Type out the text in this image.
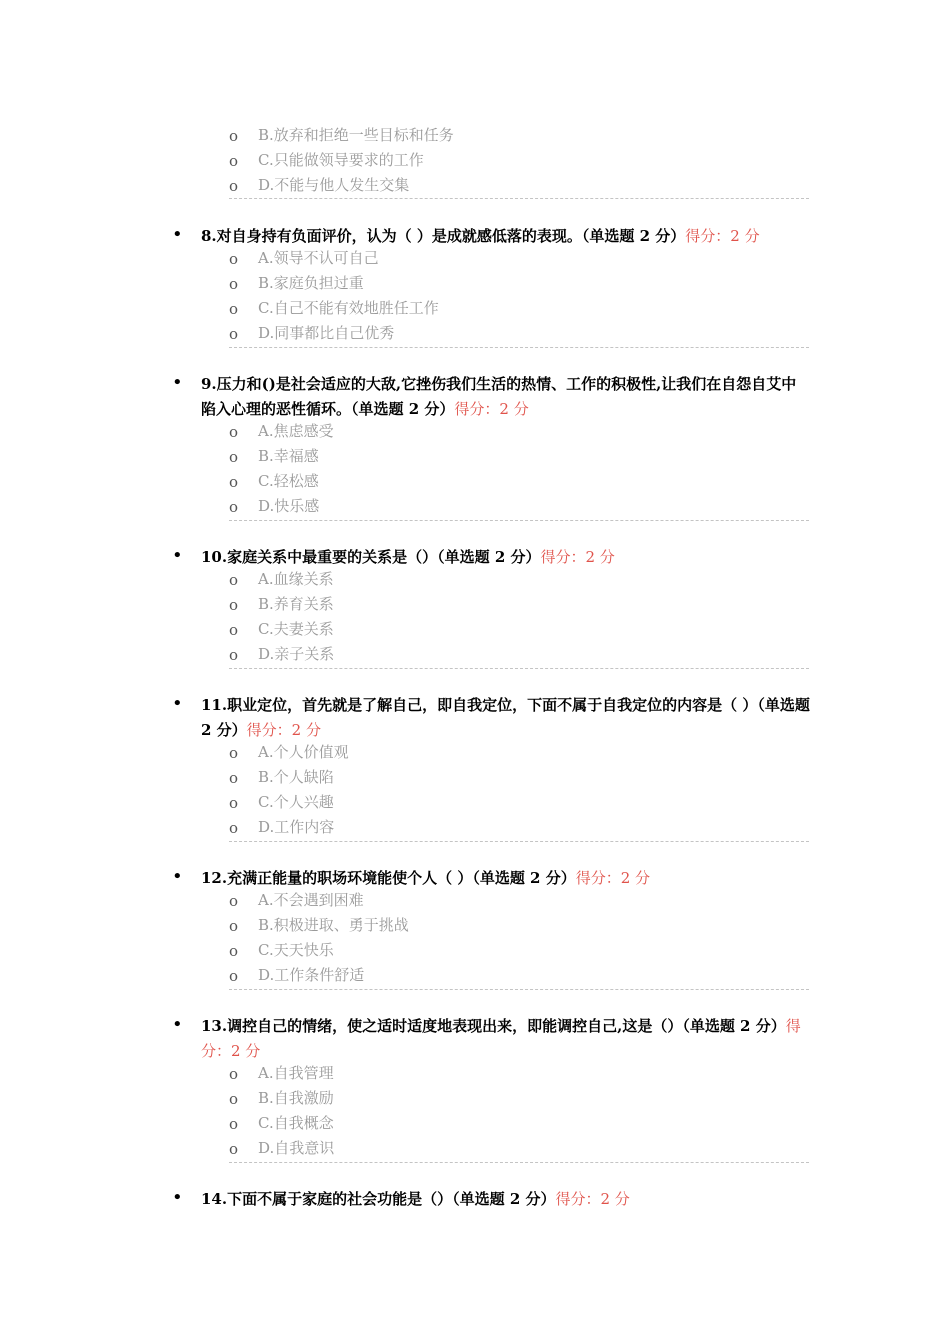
o	B.放弃和拒绝一些目标和任务
o	C.只能做领导要求的工作
o	D.不能与他人发生交集
• 8.对自身持有负面评价，认为（ ）是成就感低落的表现。（单选题 2 分）得分：2 分
o	A.领导不认可自己
o	B.家庭负担过重
o	C.自己不能有效地胜任工作
o	D.同事都比自己优秀
• 9.压力和()是社会适应的大敌,它挫伤我们生活的热情、工作的积极性,让我们在自怨自艾中陷入心理的恶性循环。（单选题 2 分）得分：2 分
o	A.焦虑感受
o	B.幸福感
o	C.轻松感
o	D.快乐感
• 10.家庭关系中最重要的关系是（）（单选题 2 分）得分：2 分
o	A.血缘关系
o	B.养育关系
o	C.夫妻关系
o	D.亲子关系
• 11.职业定位，首先就是了解自己，即自我定位，下面不属于自我定位的内容是（ ）（单选题 2 分）得分：2 分
o	A.个人价值观
o	B.个人缺陷
o	C.个人兴趣
o	D.工作内容
• 12.充满正能量的职场环境能使个人（ ）（单选题 2 分）得分：2 分
o	A.不会遇到困难
o	B.积极进取、勇于挑战
o	C.天天快乐
o	D.工作条件舒适
• 13.调控自己的情绪，使之适时适度地表现出来，即能调控自己,这是（）（单选题 2 分）得分：2 分
o	A.自我管理
o	B.自我激励
o	C.自我概念
o	D.自我意识
• 14.下面不属于家庭的社会功能是（）（单选题 2 分）得分：2 分
